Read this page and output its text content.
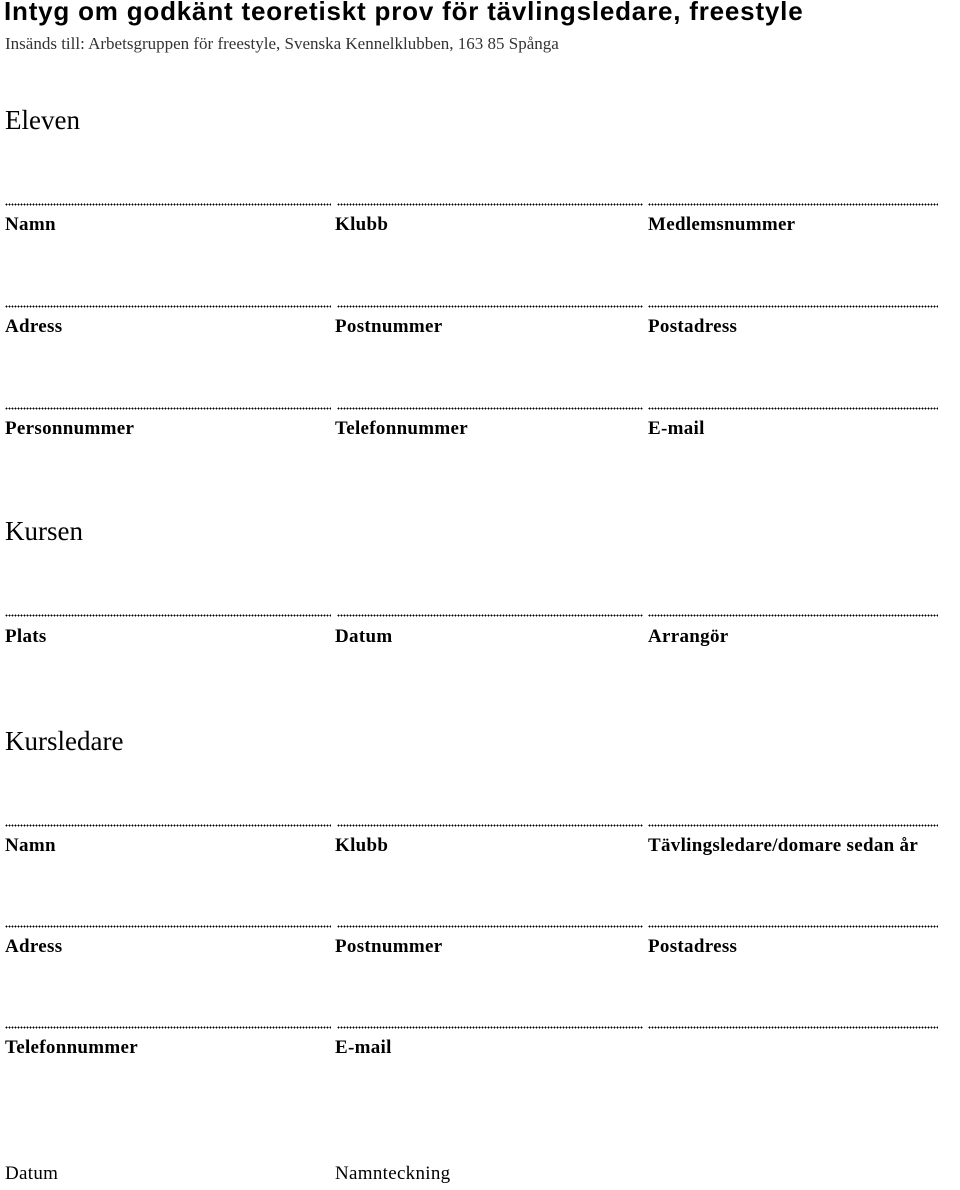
Intyg om godkänt teoretiskt prov för tävlingsledare, freestyle
Insänds till: Arbetsgruppen för freestyle, Svenska Kennelklubben, 163 85 Spånga
Eleven
Namn	Klubb	Medlemsnummer
Adress	Postnummer	Postadress
Personnummer	Telefonnummer	E-mail
Kursen
Plats	Datum	Arrangör
Kursledare
Namn	Klubb	Tävlingsledare/domare sedan år
Adress	Postnummer	Postadress
Telefonnummer	E-mail
Datum	Namnteckning
